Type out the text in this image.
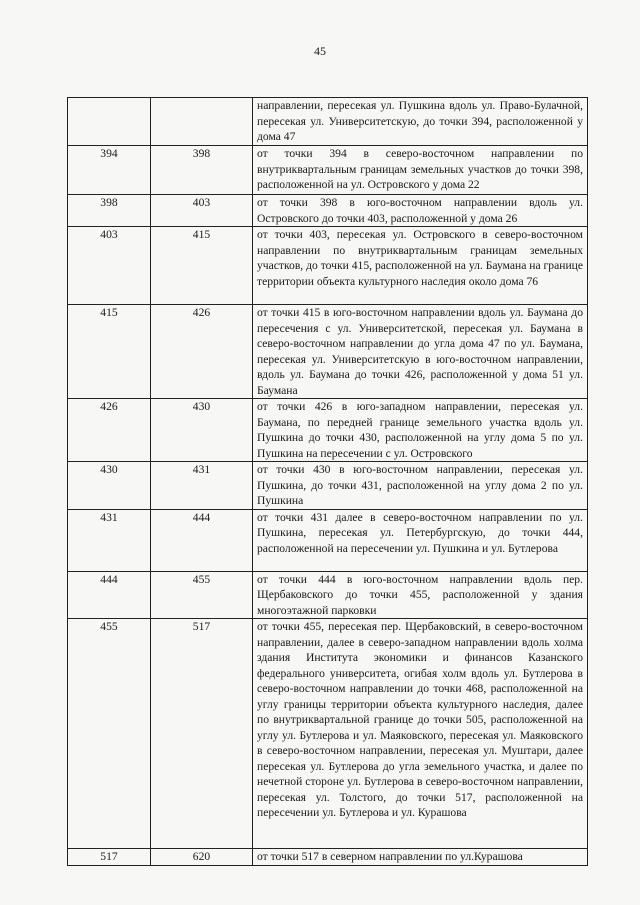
45
		направлении, пересекая ул. Пушкина вдоль ул. Право-Булачной, пересекая ул. Университетскую, до точки 394, расположенной у дома 47
394	398	от точки 394 в северо-восточном направлении по внутриквартальным границам земельных участков до точки 398, расположенной на ул. Островского у дома 22
398	403	от точки 398 в юго-восточном направлении вдоль ул. Островского до точки 403, расположенной у дома 26
403	415	от точки 403, пересекая ул. Островского в северо-восточном направлении по внутриквартальным границам земельных участков, до точки 415, расположенной на ул. Баумана на границе территории объекта культурного наследия около дома 76
415	426	от точки 415 в юго-восточном направлении вдоль ул. Баумана до пересечения с ул. Университетской, пересекая ул. Баумана в северо-восточном направлении до угла дома 47 по ул. Баумана, пересекая ул. Университетскую в юго-восточном направлении, вдоль ул. Баумана до точки 426, расположенной у дома 51 ул. Баумана
426	430	от точки 426 в юго-западном направлении, пересекая ул. Баумана, по передней границе земельного участка вдоль ул. Пушкина до точки 430, расположенной на углу дома 5 по ул. Пушкина на пересечении с ул. Островского
430	431	от точки 430 в юго-восточном направлении, пересекая ул. Пушкина, до точки 431, расположенной на углу дома 2 по ул. Пушкина
431	444	от точки 431 далее в северо-восточном направлении по ул. Пушкина, пересекая ул. Петербургскую, до точки 444, расположенной на пересечении ул. Пушкина и ул. Бутлерова
444	455	от точки 444 в юго-восточном направлении вдоль пер. Щербаковского до точки 455, расположенной у здания многоэтажной парковки
455	517	от точки 455, пересекая пер. Щербаковский, в северо-восточном направлении, далее в северо-западном направлении вдоль холма здания Института экономики и финансов Казанского федерального университета, огибая холм вдоль ул. Бутлерова в северо-восточном направлении до точки 468, расположенной на углу границы территории объекта культурного наследия, далее по внутриквартальной границе до точки 505, расположенной на углу ул. Бутлерова и ул. Маяковского, пересекая ул. Маяковского в северо-восточном направлении, пересекая ул. Муштари, далее пересекая ул. Бутлерова до угла земельного участка, и далее по нечетной стороне ул. Бутлерова в северо-восточном направлении, пересекая ул. Толстого, до точки 517, расположенной на пересечении ул. Бутлерова и ул. Курашова
517	620	от точки 517 в северном направлении по ул.Курашова
